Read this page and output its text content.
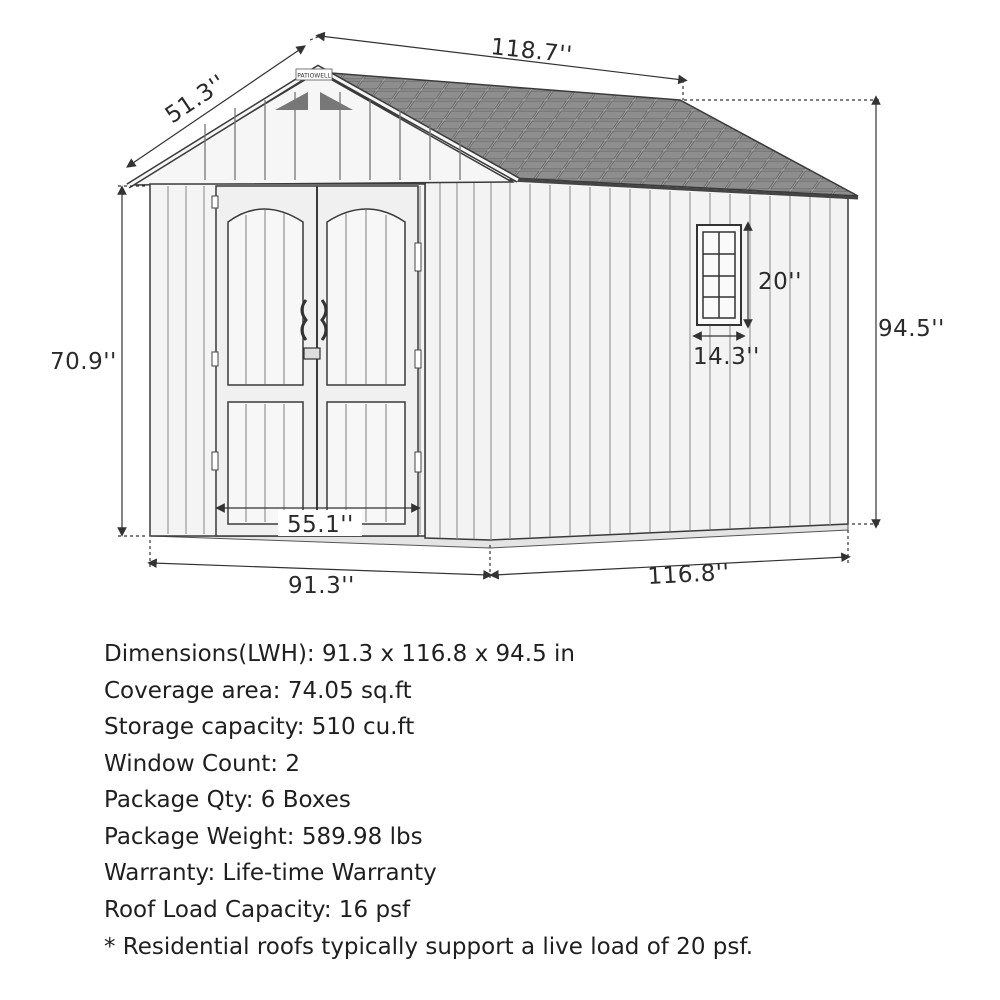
PATIOWELL
118.7''
51.3''
70.9''
94.5''
20''
14.3''
55.1''
91.3''	116.8''
Dimensions(LWH): 91.3 x 116.8 x 94.5 in
Coverage area: 74.05 sq.ft
Storage capacity: 510 cu.ft
Window Count: 2
Package Qty: 6 Boxes
Package Weight: 589.98 lbs
Warranty: Life-time Warranty
Roof Load Capacity: 16 psf
* Residential roofs typically support a live load of 20 psf.
